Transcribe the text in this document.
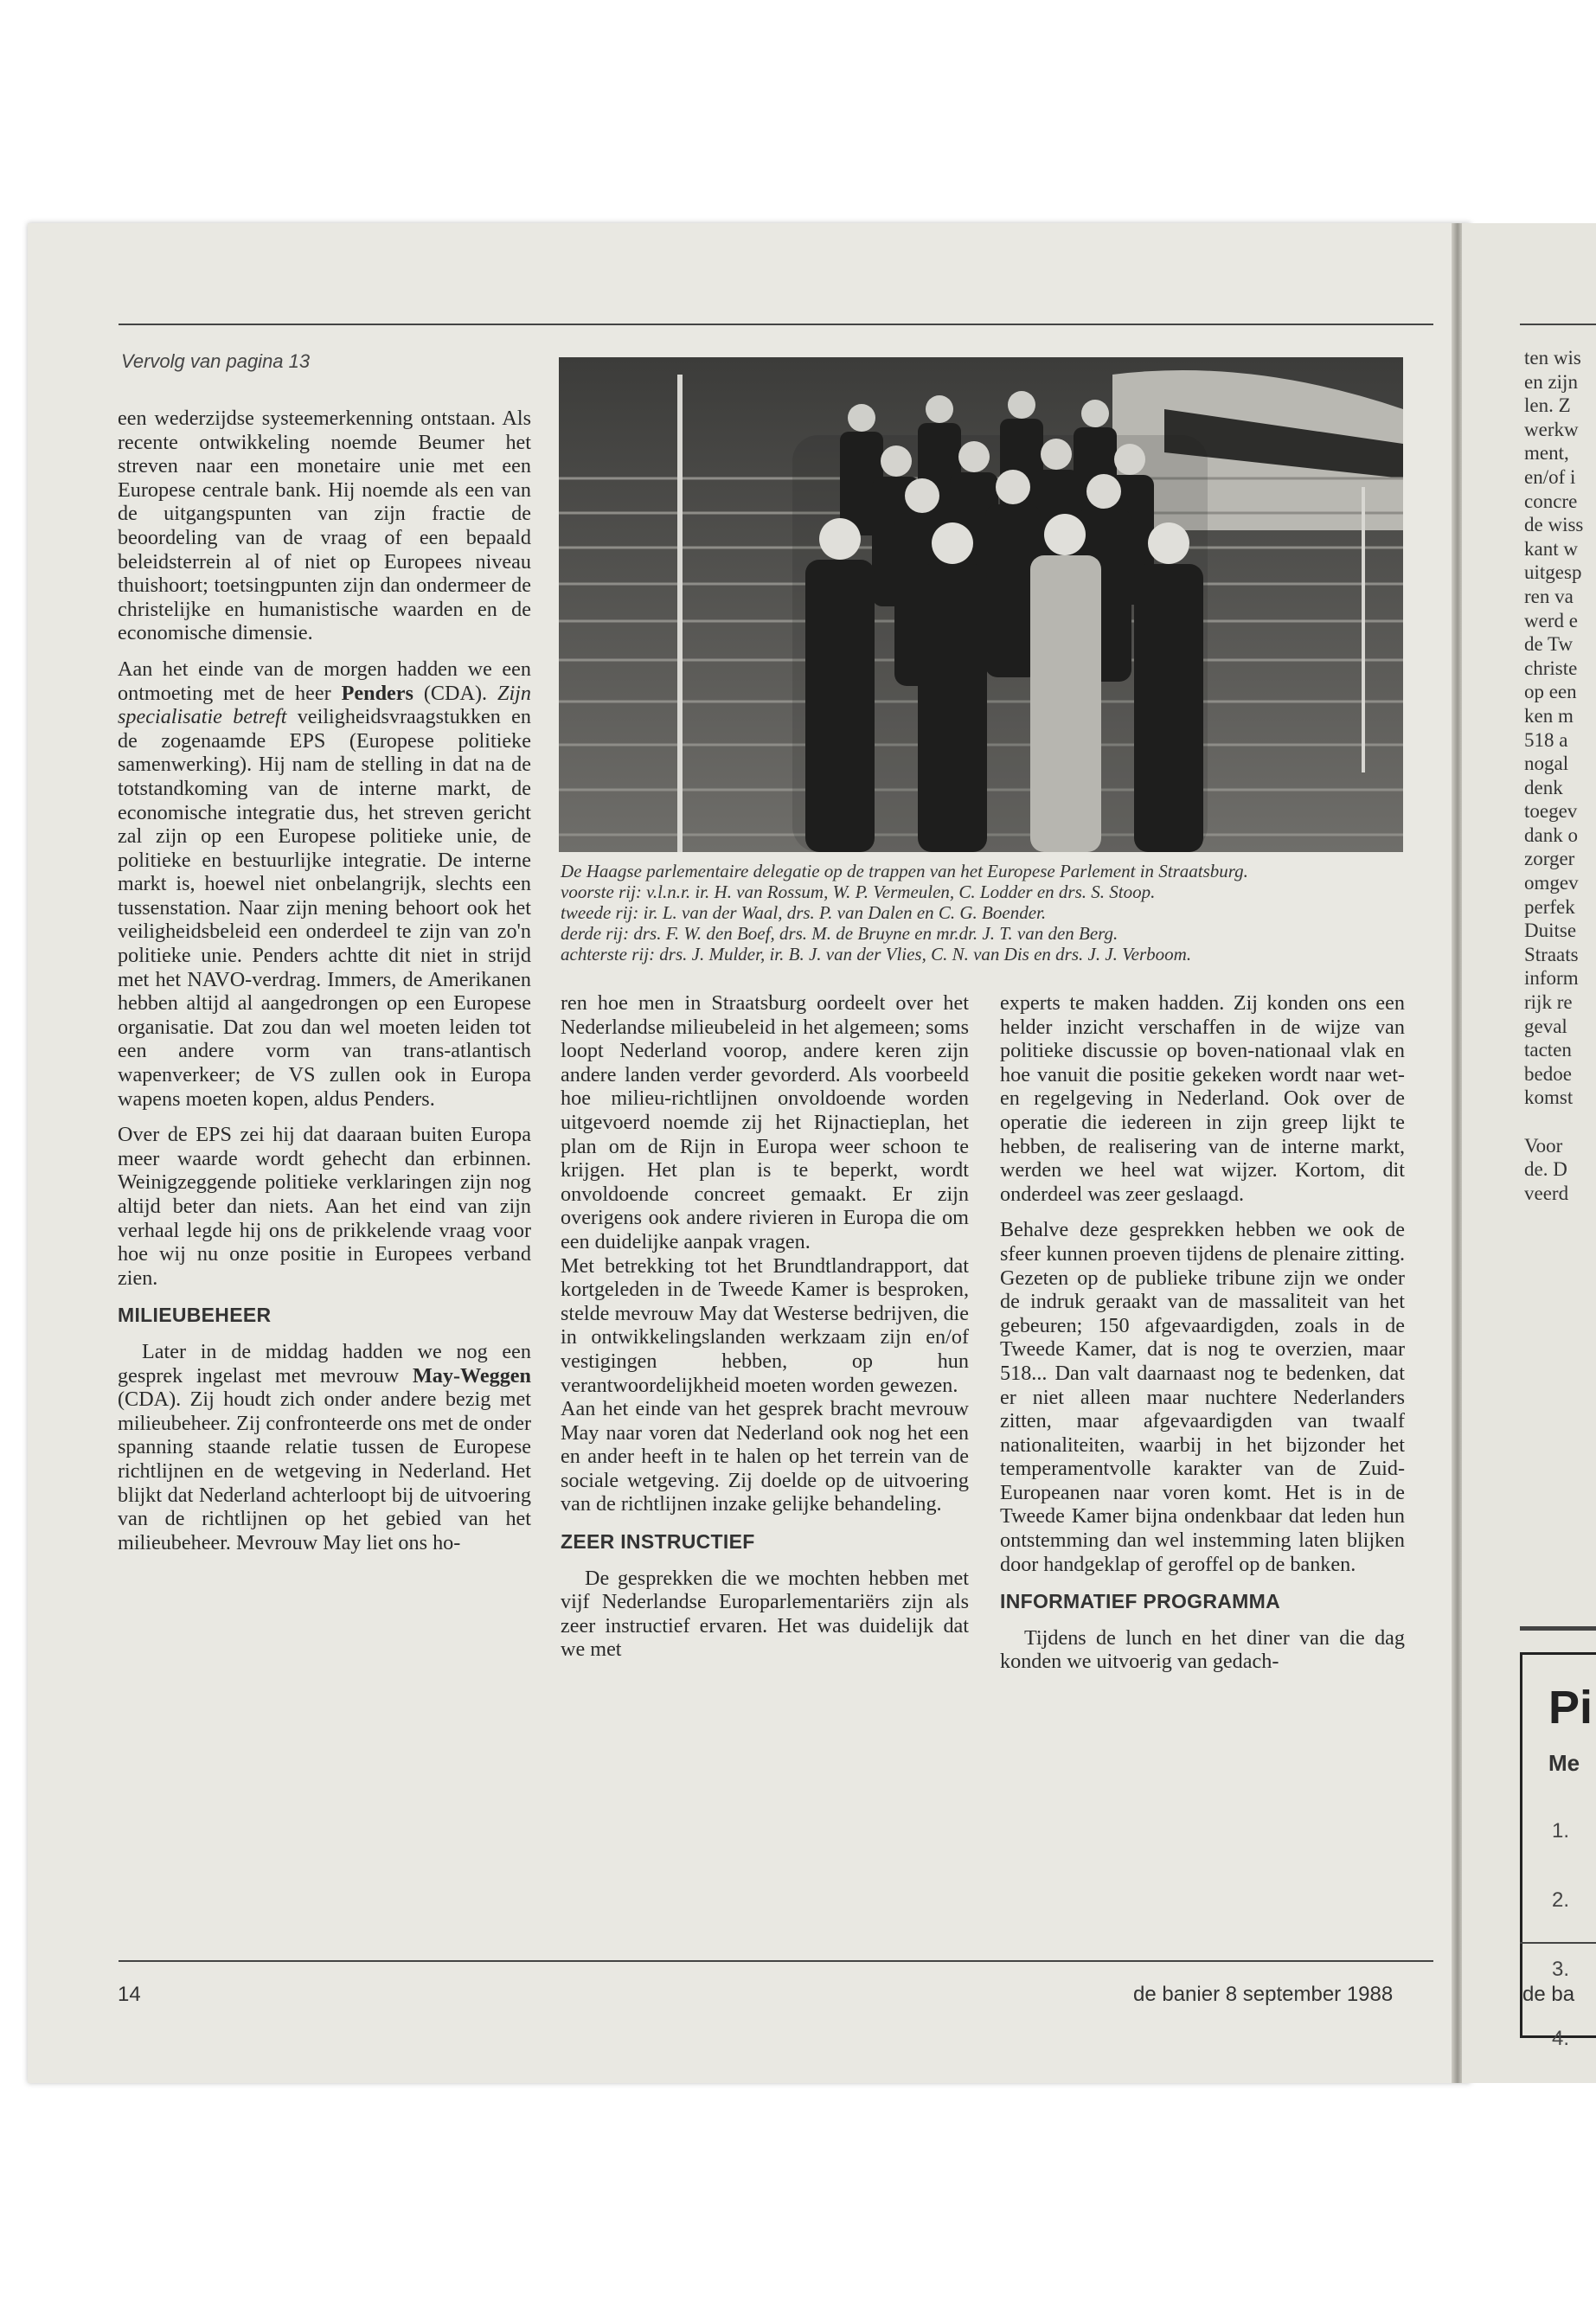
Vervolg van pagina 13

een wederzijdse systeemerkenning ontstaan. Als recente ontwikkeling noemde Beumer het streven naar een monetaire unie met een Europese centrale bank. Hij noemde als een van de uitgangspunten van zijn fractie de beoordeling van de vraag of een bepaald beleidsterrein al of niet op Europees niveau thuishoort; toetsingpunten zijn dan ondermeer de christelijke en humanistische waarden en de economische dimensie.

Aan het einde van de morgen hadden we een ontmoeting met de heer Penders (CDA). Zijn specialisatie betreft veiligheidsvraagstukken en de zogenaamde EPS (Europese politieke samenwerking). Hij nam de stelling in dat na de totstandkoming van de interne markt, de economische integratie dus, het streven gericht zal zijn op een Europese politieke unie, de politieke en bestuurlijke integratie. De interne markt is, hoewel niet onbelangrijk, slechts een tussenstation. Naar zijn mening behoort ook het veiligheidsbeleid een onderdeel te zijn van zo'n politieke unie. Penders achtte dit niet in strijd met het NAVO-verdrag. Immers, de Amerikanen hebben altijd al aangedrongen op een Europese organisatie. Dat zou dan wel moeten leiden tot een andere vorm van trans-atlantisch wapenverkeer; de VS zullen ook in Europa wapens moeten kopen, aldus Penders.

Over de EPS zei hij dat daaraan buiten Europa meer waarde wordt gehecht dan erbinnen. Weinigzeggende politieke verklaringen zijn nog altijd beter dan niets. Aan het eind van zijn verhaal legde hij ons de prikkelende vraag voor hoe wij nu onze positie in Europees verband zien.

MILIEUBEHEER

Later in de middag hadden we nog een gesprek ingelast met mevrouw May-Weggen (CDA). Zij houdt zich onder andere bezig met milieubeheer. Zij confronteerde ons met de onder spanning staande relatie tussen de Europese richtlijnen en de wetgeving in Nederland. Het blijkt dat Nederland achterloopt bij de uitvoering van de richtlijnen op het gebied van het milieubeheer. Mevrouw May liet ons ho-

De Haagse parlementaire delegatie op de trappen van het Europese Parlement in Straatsburg.
voorste rij: v.l.n.r. ir. H. van Rossum, W. P. Vermeulen, C. Lodder en drs. S. Stoop.
tweede rij: ir. L. van der Waal, drs. P. van Dalen en C. G. Boender.
derde rij: drs. F. W. den Boef, drs. M. de Bruyne en mr.dr. J. T. van den Berg.
achterste rij: drs. J. Mulder, ir. B. J. van der Vlies, C. N. van Dis en drs. J. J. Verboom.

ren hoe men in Straatsburg oordeelt over het Nederlandse milieubeleid in het algemeen; soms loopt Nederland voorop, andere keren zijn andere landen verder gevorderd. Als voorbeeld hoe milieu-richtlijnen onvoldoende worden uitgevoerd noemde zij het Rijnactieplan, het plan om de Rijn in Europa weer schoon te krijgen. Het plan is te beperkt, wordt onvoldoende concreet gemaakt. Er zijn overigens ook andere rivieren in Europa die om een duidelijke aanpak vragen.

Met betrekking tot het Brundtlandrapport, dat kortgeleden in de Tweede Kamer is besproken, stelde mevrouw May dat Westerse bedrijven, die in ontwikkelingslanden werkzaam zijn en/of vestigingen hebben, op hun verantwoordelijkheid moeten worden gewezen.

Aan het einde van het gesprek bracht mevrouw May naar voren dat Nederland ook nog het een en ander heeft in te halen op het terrein van de sociale wetgeving. Zij doelde op de uitvoering van de richtlijnen inzake gelijke behandeling.

ZEER INSTRUCTIEF

De gesprekken die we mochten hebben met vijf Nederlandse Europarlementariërs zijn als zeer instructief ervaren. Het was duidelijk dat we met

experts te maken hadden. Zij konden ons een helder inzicht verschaffen in de wijze van politieke discussie op boven-nationaal vlak en hoe vanuit die positie gekeken wordt naar wet- en regelgeving in Nederland. Ook over de operatie die iedereen in zijn greep lijkt te hebben, de realisering van de interne markt, werden we heel wat wijzer. Kortom, dit onderdeel was zeer geslaagd.

Behalve deze gesprekken hebben we ook de sfeer kunnen proeven tijdens de plenaire zitting. Gezeten op de publieke tribune zijn we onder de indruk geraakt van de massaliteit van het gebeuren; 150 afgevaardigden, zoals in de Tweede Kamer, dat is nog te overzien, maar 518... Dan valt daarnaast nog te bedenken, dat er niet alleen maar nuchtere Nederlanders zitten, maar afgevaardigden van twaalf nationaliteiten, waarbij in het bijzonder het temperamentvolle karakter van de Zuid-Europeanen naar voren komt. Het is in de Tweede Kamer bijna ondenkbaar dat leden hun ontstemming dan wel instemming laten blijken door handgeklap of geroffel op de banken.

INFORMATIEF PROGRAMMA

Tijdens de lunch en het diner van die dag konden we uitvoerig van gedach-

14	de banier 8 september 1988
ten wis
en zijn
len. Z
werkw
ment,
en/of i
concre
de wiss
kant w
uitgesp
ren va
werd e
de Tw
christe
op een
ken m
518 a
nogal
denk
toegev
dank o
zorger
omgev
perfek
Duitse
Straats
inform
rijk re
geval
tacten
bedoe
komst
Voor
de. D
veerd
Pi
Me
1.
2.
3.
4.
de ba
